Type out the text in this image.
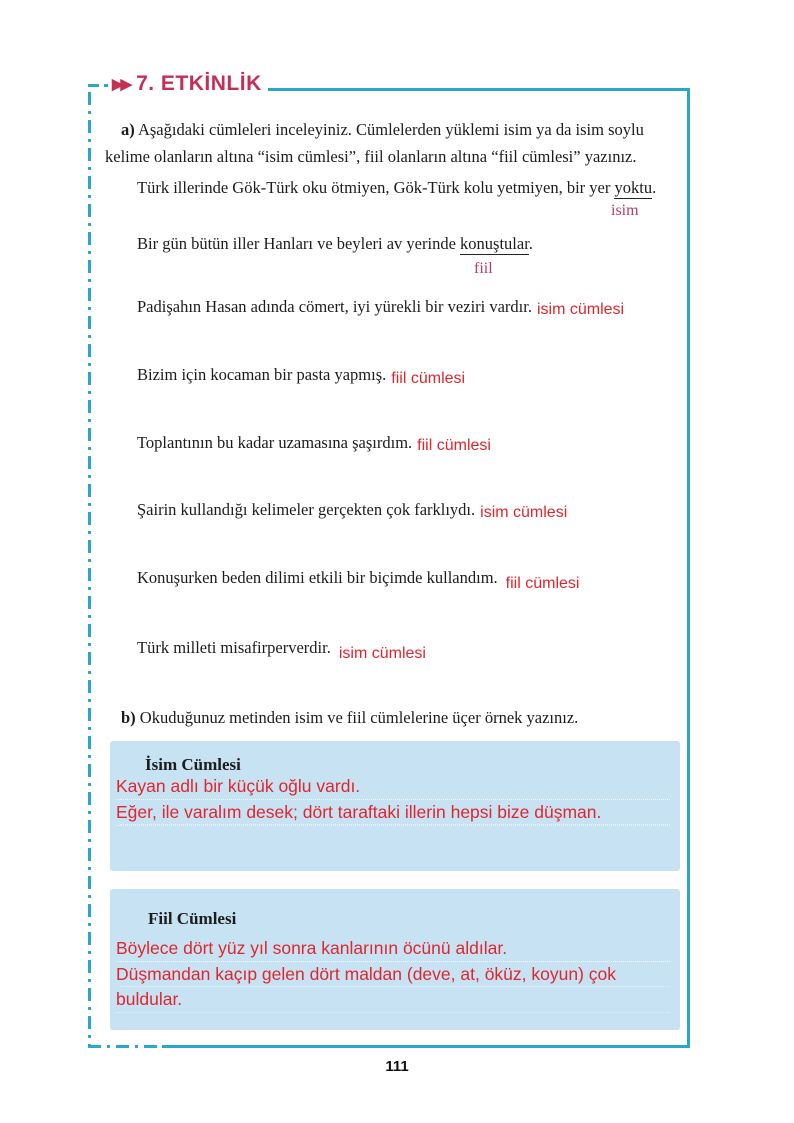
▶▶ 7. ETKİNLİK

a) Aşağıdaki cümleleri inceleyiniz. Cümlelerden yüklemi isim ya da isim soylu kelime olanların altına “isim cümlesi”, fiil olanların altına “fiil cümlesi” yazınız.

Türk illerinde Gök-Türk oku ötmiyen, Gök-Türk kolu yetmiyen, bir yer yoktu.
isim
Bir gün bütün iller Hanları ve beyleri av yerinde konuştular.
fiil
Padişahın Hasan adında cömert, iyi yürekli bir veziri vardır. isim cümlesi
Bizim için kocaman bir pasta yapmış. fiil cümlesi
Toplantının bu kadar uzamasına şaşırdım. fiil cümlesi
Şairin kullandığı kelimeler gerçekten çok farklıydı. isim cümlesi
Konuşurken beden dilimi etkili bir biçimde kullandım. fiil cümlesi
Türk milleti misafirperverdir. isim cümlesi

b) Okuduğunuz metinden isim ve fiil cümlelerine üçer örnek yazınız.

İsim Cümlesi
Kayan adlı bir küçük oğlu vardı.
Eğer, ile varalım desek; dört taraftaki illerin hepsi bize düşman.
Fiil Cümlesi
Böylece dört yüz yıl sonra kanlarının öcünü aldılar.
Düşmandan kaçıp gelen dört maldan (deve, at, öküz, koyun) çok buldular.
111
